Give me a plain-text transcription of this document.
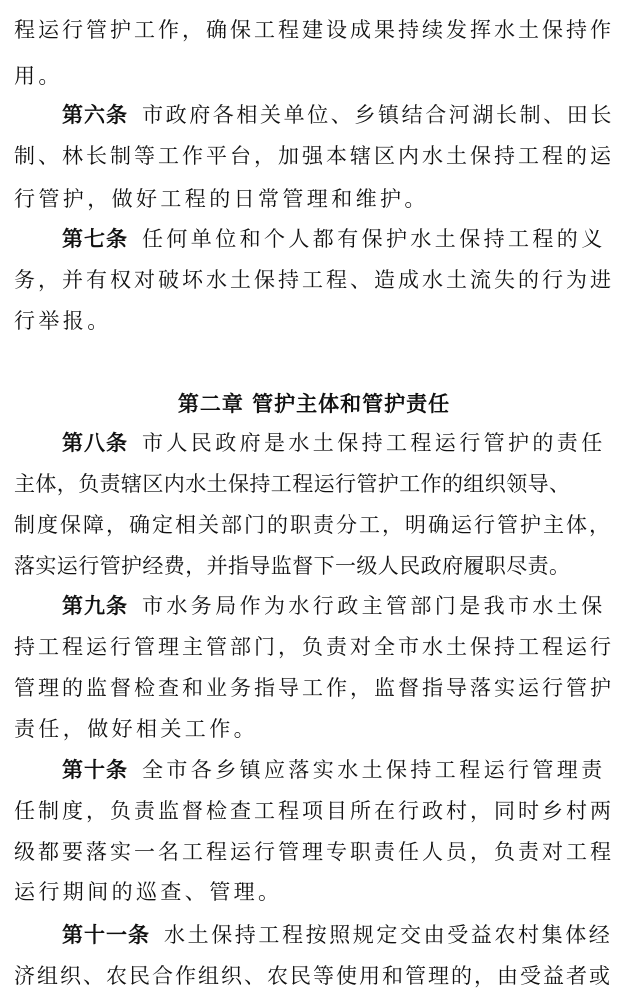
程运行管护工作，确保工程建设成果持续发挥水土保持作
用。
第六条 市政府各相关单位、乡镇结合河湖长制、田长
制、林长制等工作平台，加强本辖区内水土保持工程的运
行管护，做好工程的日常管理和维护。
第七条 任何单位和个人都有保护水土保持工程的义
务，并有权对破坏水土保持工程、造成水土流失的行为进
行举报。
第二章 管护主体和管护责任
第八条 市人民政府是水土保持工程运行管护的责任
主体，负责辖区内水土保持工程运行管护工作的组织领导、
制度保障，确定相关部门的职责分工，明确运行管护主体，
落实运行管护经费，并指导监督下一级人民政府履职尽责。
第九条 市水务局作为水行政主管部门是我市水土保
持工程运行管理主管部门，负责对全市水土保持工程运行
管理的监督检查和业务指导工作，监督指导落实运行管护
责任，做好相关工作。
第十条 全市各乡镇应落实水土保持工程运行管理责
任制度，负责监督检查工程项目所在行政村，同时乡村两
级都要落实一名工程运行管理专职责任人员，负责对工程
运行期间的巡查、管理。
第十一条 水土保持工程按照规定交由受益农村集体经
济组织、农民合作组织、农民等使用和管理的，由受益者或
